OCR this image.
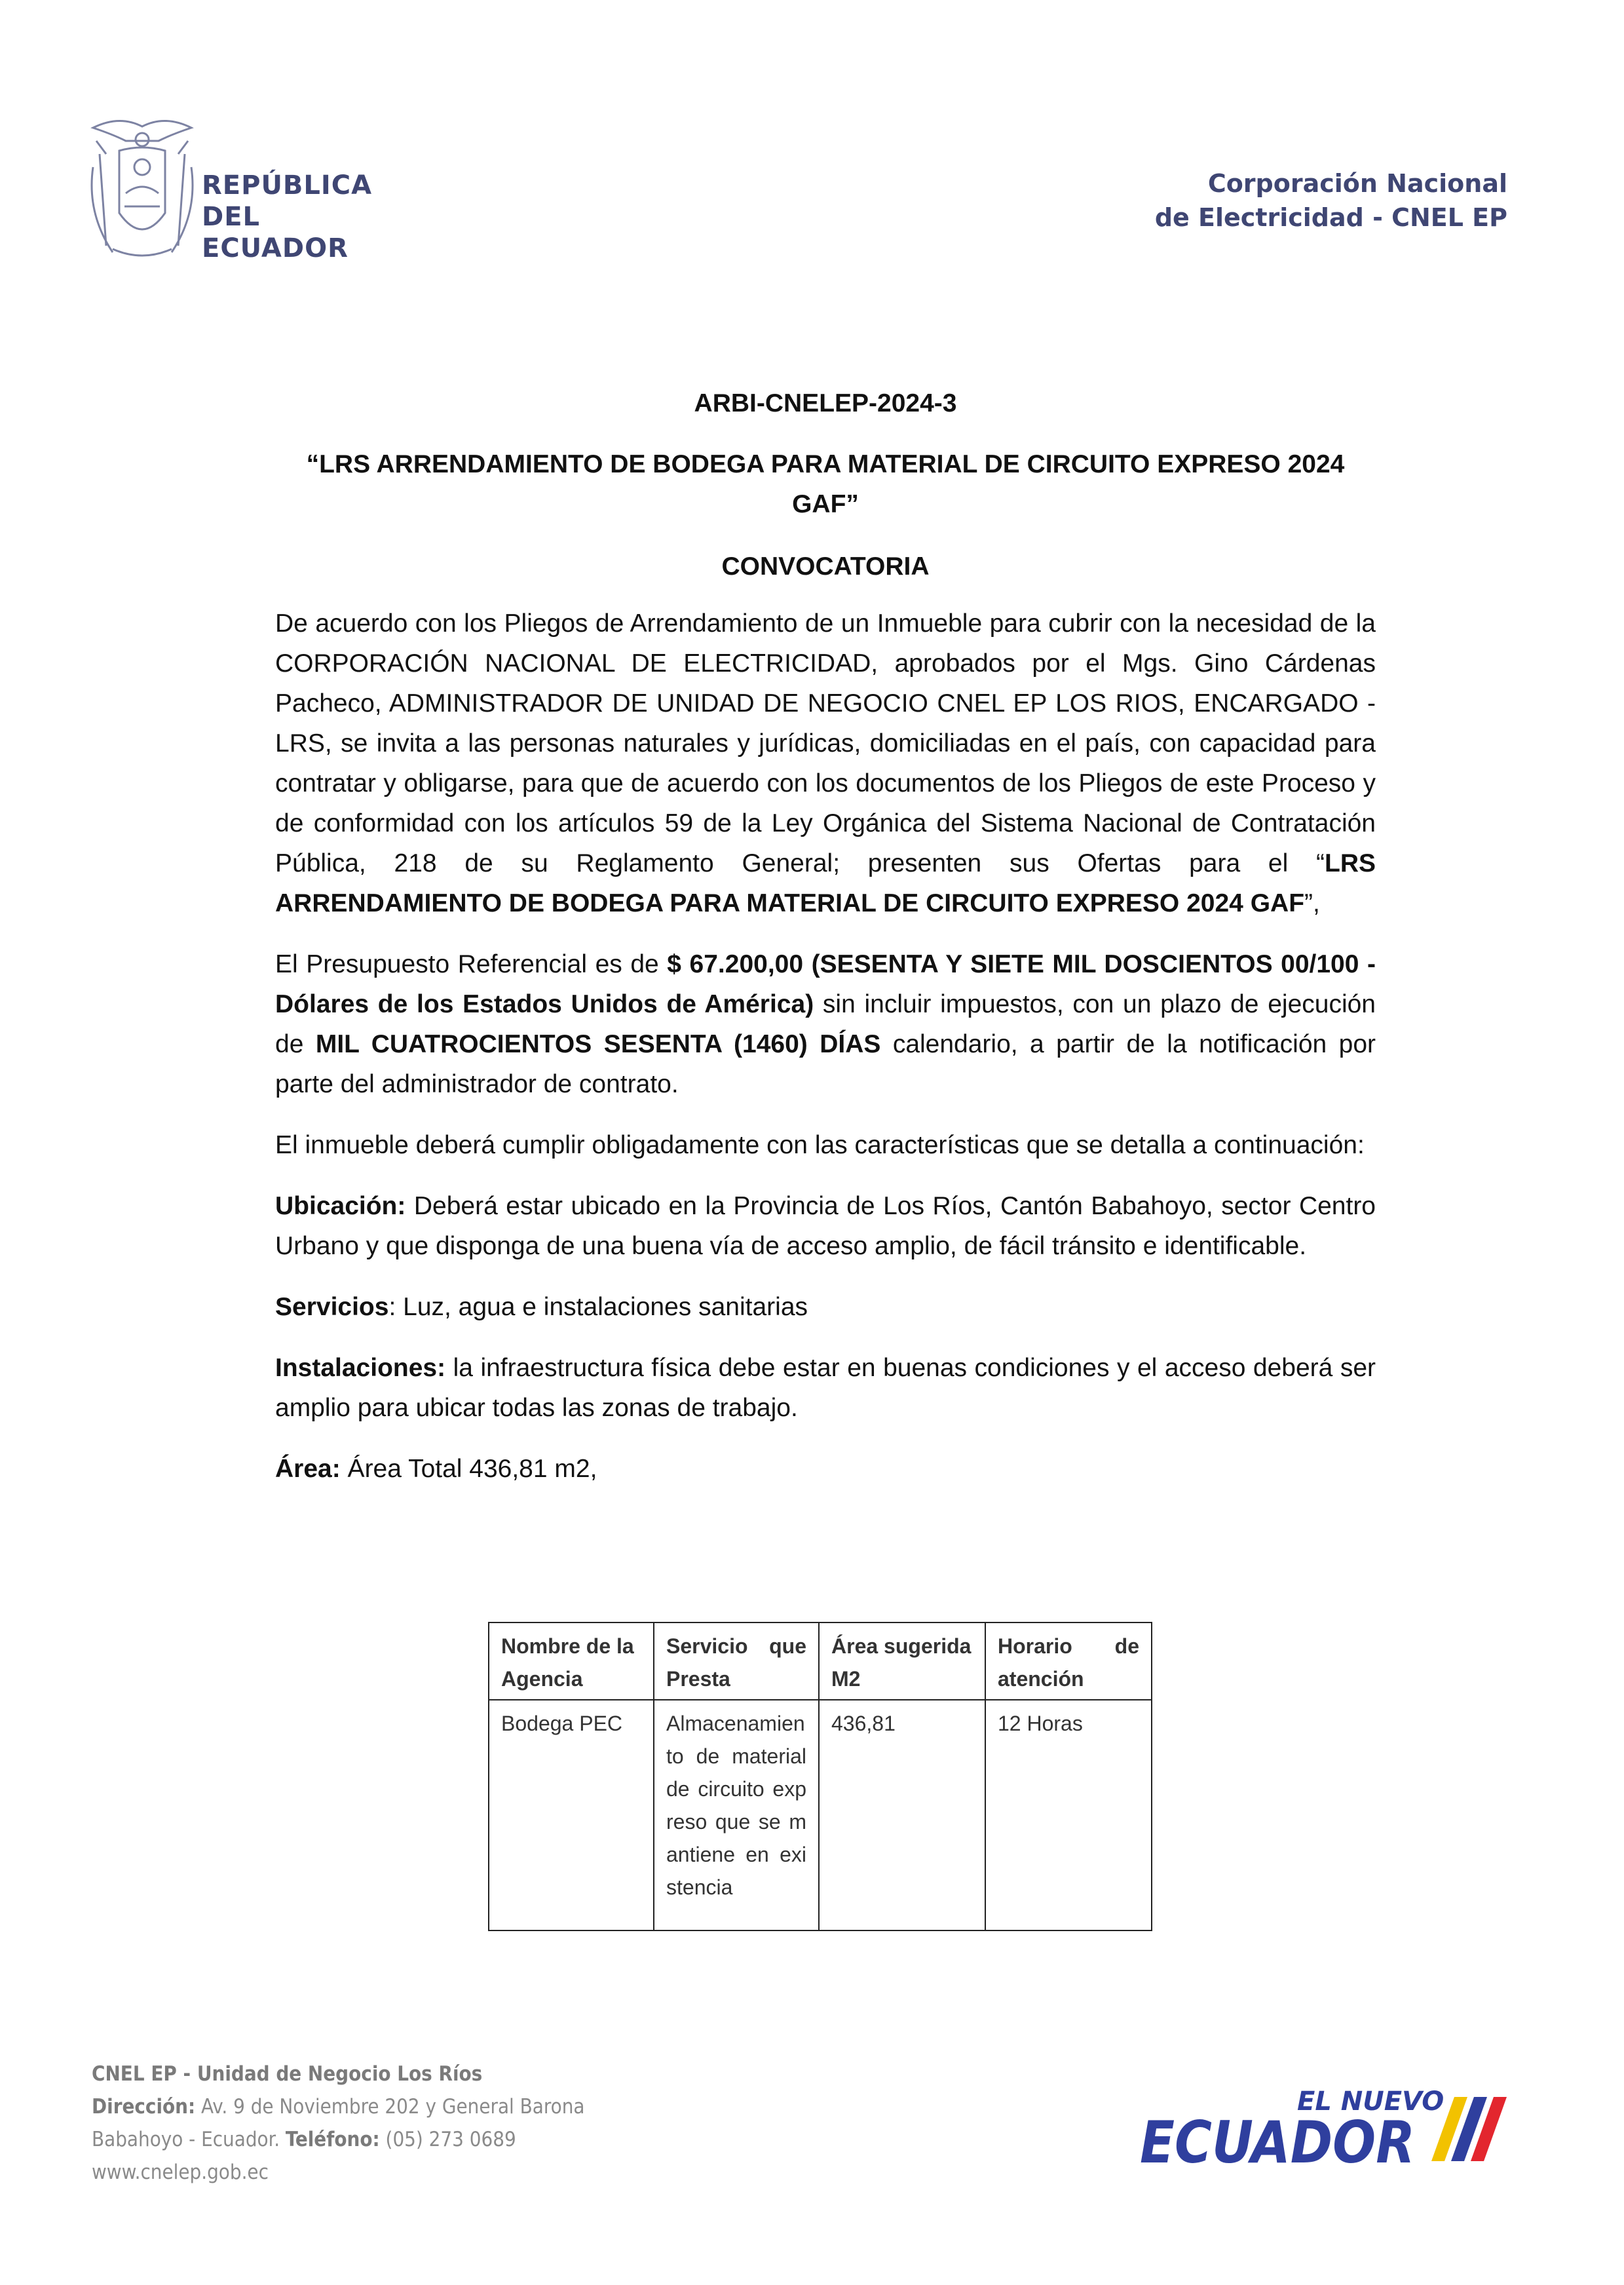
REPÚBLICA
DEL ECUADOR
Corporación Nacional
de Electricidad - CNEL EP
ARBI-CNELEP-2024-3
“LRS ARRENDAMIENTO DE BODEGA PARA MATERIAL DE CIRCUITO EXPRESO 2024 GAF”
CONVOCATORIA

De acuerdo con los Pliegos de Arrendamiento de un Inmueble para cubrir con la necesidad de la CORPORACIÓN NACIONAL DE ELECTRICIDAD, aprobados por el Mgs. Gino Cárdenas Pacheco, ADMINISTRADOR DE UNIDAD DE NEGOCIO CNEL EP LOS RIOS, ENCARGADO - LRS, se invita a las personas naturales y jurídicas, domiciliadas en el país, con capacidad para contratar y obligarse, para que de acuerdo con los documentos de los Pliegos de este Proceso y de conformidad con los artículos 59 de la Ley Orgánica del Sistema Nacional de Contratación Pública, 218 de su Reglamento General; presenten sus Ofertas para el “LRS ARRENDAMIENTO DE BODEGA PARA MATERIAL DE CIRCUITO EXPRESO 2024 GAF”,

El Presupuesto Referencial es de $ 67.200,00 (SESENTA Y SIETE MIL DOSCIENTOS 00/100 -Dólares de los Estados Unidos de América) sin incluir impuestos, con un plazo de ejecución de MIL CUATROCIENTOS SESENTA (1460) DÍAS calendario, a partir de la notificación por parte del administrador de contrato.

El inmueble deberá cumplir obligadamente con las características que se detalla a continuación:

Ubicación: Deberá estar ubicado en la Provincia de Los Ríos, Cantón Babahoyo, sector Centro Urbano y que disponga de una buena vía de acceso amplio, de fácil tránsito e identificable.

Servicios: Luz, agua e instalaciones sanitarias

Instalaciones: la infraestructura física debe estar en buenas condiciones y el acceso deberá ser amplio para ubicar todas las zonas de trabajo.

Área: Área Total 436,81 m2,

Nombre de la Agencia	Servicio que Presta	Área sugerida M2	Horario de atención
Bodega PEC	Almacenamiento de material de circuito expreso que se mantiene en existencia	436,81	12 Horas
CNEL EP - Unidad de Negocio Los Ríos
Dirección: Av. 9 de Noviembre 202 y General Barona
Babahoyo - Ecuador. Teléfono: (05) 273 0689
www.cnelep.gob.ec
EL NUEVO
ECUADOR
